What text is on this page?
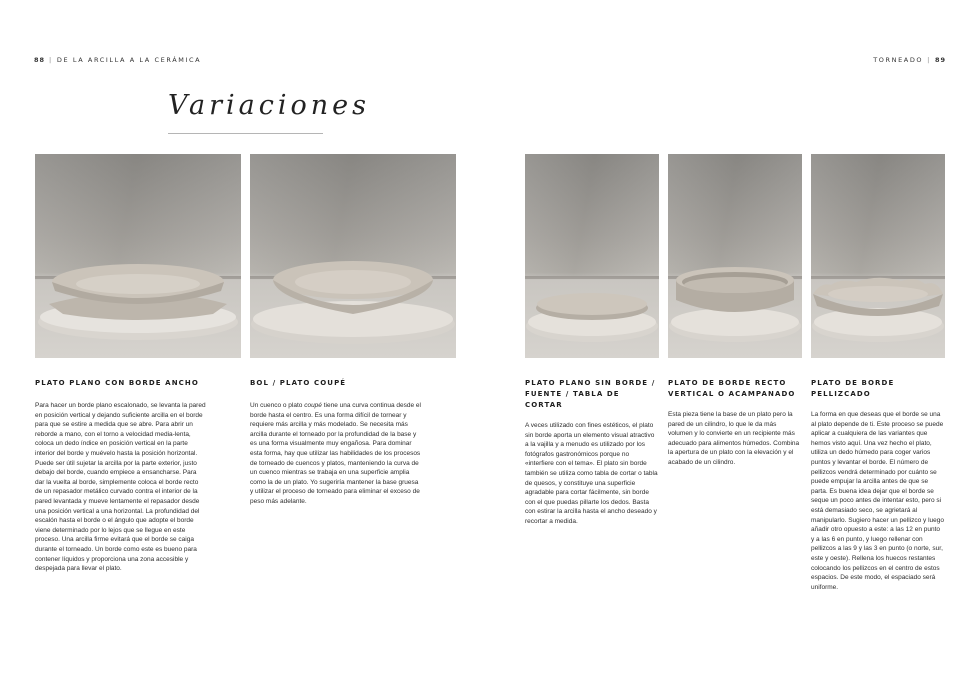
88 | DE LA ARCILLA A LA CERÁMICA	TORNEADO | 89
Variaciones
PLATO PLANO CON BORDE ANCHO

Para hacer un borde plano escalonado, se levanta la pared en posición vertical y dejando suficiente arcilla en el borde para que se estire a medida que se abre. Para abrir un reborde a mano, con el torno a velocidad media-lenta, coloca un dedo índice en posición vertical en la parte interior del borde y muévelo hasta la posición horizontal. Puede ser útil sujetar la arcilla por la parte exterior, justo debajo del borde, cuando empiece a ensancharse. Para dar la vuelta al borde, simplemente coloca el borde recto de un repasador metálico curvado contra el interior de la pared levantada y mueve lentamente el repasador desde una posición vertical a una horizontal. La profundidad del escalón hasta el borde o el ángulo que adopte el borde viene determinado por lo lejos que se llegue en este proceso. Una arcilla firme evitará que el borde se caiga durante el torneado. Un borde como este es bueno para contener líquidos y proporciona una zona accesible y despejada para llevar el plato.

BOL / PLATO COUPÉ

Un cuenco o plato coupé tiene una curva continua desde el borde hasta el centro. Es una forma difícil de tornear y requiere más arcilla y más modelado. Se necesita más arcilla durante el torneado por la profundidad de la base y es una forma visualmente muy engañosa. Para dominar esta forma, hay que utilizar las habilidades de los procesos de torneado de cuencos y platos, manteniendo la curva de un cuenco mientras se trabaja en una superficie amplia como la de un plato. Yo sugeriría mantener la base gruesa y utilizar el proceso de torneado para eliminar el exceso de peso más adelante.

PLATO PLANO SIN BORDE / FUENTE / TABLA DE CORTAR

A veces utilizado con fines estéticos, el plato sin borde aporta un elemento visual atractivo a la vajilla y a menudo es utilizado por los fotógrafos gastronómicos porque no «interfiere con el tema». El plato sin borde también se utiliza como tabla de cortar o tabla de quesos, y constituye una superficie agradable para cortar fácilmente, sin borde con el que puedas pillarte los dedos. Basta con estirar la arcilla hasta el ancho deseado y recortar a medida.

PLATO DE BORDE RECTO VERTICAL O ACAMPANADO

Esta pieza tiene la base de un plato pero la pared de un cilindro, lo que le da más volumen y lo convierte en un recipiente más adecuado para alimentos húmedos. Combina la apertura de un plato con la elevación y el acabado de un cilindro.

PLATO DE BORDE PELLIZCADO

La forma en que deseas que el borde se una al plato depende de ti. Este proceso se puede aplicar a cualquiera de las variantes que hemos visto aquí. Una vez hecho el plato, utiliza un dedo húmedo para coger varios puntos y levantar el borde. El número de pellizcos vendrá determinado por cuánto se puede empujar la arcilla antes de que se parta. Es buena idea dejar que el borde se seque un poco antes de intentar esto, pero si está demasiado seco, se agrietará al manipularlo. Sugiero hacer un pellizco y luego añadir otro opuesto a este: a las 12 en punto y a las 6 en punto, y luego rellenar con pellizcos a las 9 y las 3 en punto (o norte, sur, este y oeste). Rellena los huecos restantes colocando los pellizcos en el centro de estos espacios. De este modo, el espaciado será uniforme.
